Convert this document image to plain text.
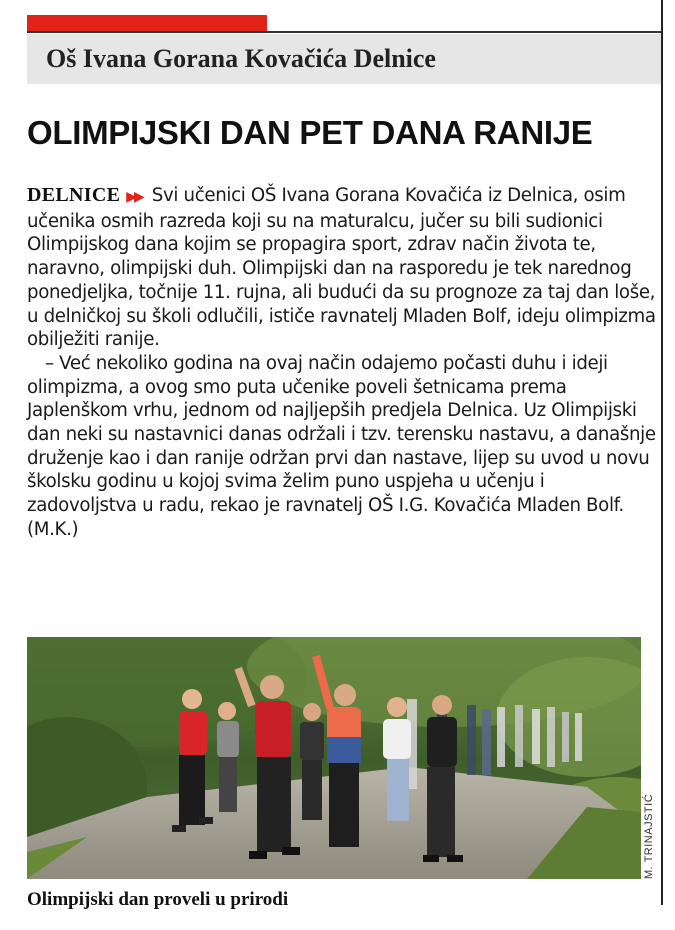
Oš Ivana Gorana Kovačića Delnice
OLIMPIJSKI DAN PET DANA RANIJE

DELNICE ▶▶ Svi učenici OŠ Ivana Gorana Kovačića iz Delnica, osim učenika osmih razreda koji su na maturalcu, jučer su bili sudionici Olimpijskog dana kojim se propagira sport, zdrav način života te, naravno, olimpijski duh. Olimpijski dan na rasporedu je tek narednog ponedjeljka, točnije 11. rujna, ali budući da su prognoze za taj dan loše, u delničkoj su školi odlučili, ističe ravnatelj Mladen Bolf, ideju olimpizma obilježiti ranije.

– Već nekoliko godina na ovaj način odajemo počasti duhu i ideji olimpizma, a ovog smo puta učenike poveli šetnicama prema Japlenškom vrhu, jednom od najljepših predjela Delnica. Uz Olimpijski dan neki su nastavnici danas održali i tzv. terensku nastavu, a današnje druženje kao i dan ranije održan prvi dan nastave, lijep su uvod u novu školsku godinu u kojoj svima želim puno uspjeha u učenju i zadovoljstva u radu, rekao je ravnatelj OŠ I.G. Kovačića Mladen Bolf. (M.K.)

M. TRINAJSTIĆ
Olimpijski dan proveli u prirodi
